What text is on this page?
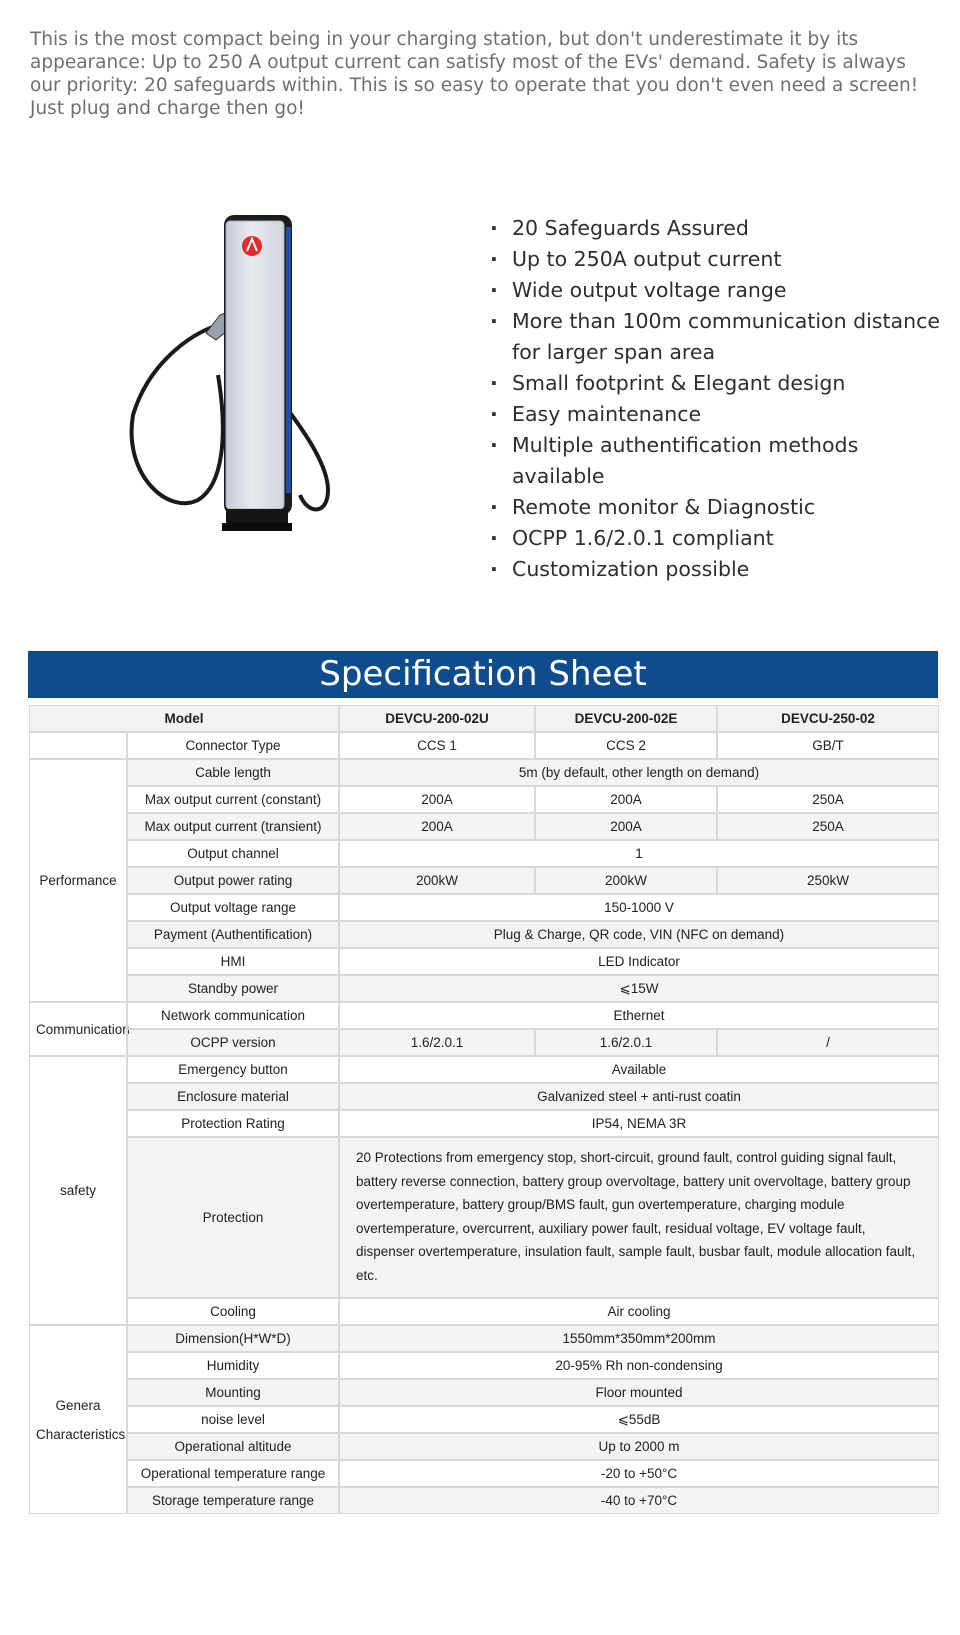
This is the most compact being in your charging station, but don't underestimate it by its appearance: Up to 250 A output current can satisfy most of the EVs' demand. Safety is always our priority: 20 safeguards within. This is so easy to operate that you don't even need a screen! Just plug and charge then go!

· 20 Safeguards Assured
· Up to 250A output current
· Wide output voltage range
· More than 100m communication distance for larger span area
· Small footprint & Elegant design
· Easy maintenance
· Multiple authentification methods available
· Remote monitor & Diagnostic
· OCPP 1.6/2.0.1 compliant
· Customization possible
Specification Sheet
Model		DEVCU-200-02U	DEVCU-200-02E	DEVCU-250-02
	Connector Type	CCS 1	CCS 2	GB/T
Performance	Cable length	5m (by default, other length on demand)		
	Max output current (constant)	200A	200A	250A
	Max output current (transient)	200A	200A	250A
	Output channel	1		
	Output power rating	200kW	200kW	250kW
	Output voltage range	150-1000 V		
	Payment (Authentification)	Plug & Charge, QR code, VIN (NFC on demand)		
	HMI	LED Indicator		
	Standby power	⩽15W		
Communication	Network communication	Ethernet		
	OCPP version	1.6/2.0.1	1.6/2.0.1	/
safety	Emergency button	Available		
	Enclosure material	Galvanized steel + anti-rust coatin		
	Protection Rating	IP54, NEMA 3R		
	Protection	20 Protections from emergency stop, short-circuit, ground fault, control guiding signal fault, battery reverse connection, battery group overvoltage, battery unit overvoltage, battery group overtemperature, battery group/BMS fault, gun overtemperature, charging module overtemperature, overcurrent, auxiliary power fault, residual voltage, EV voltage fault, dispenser overtemperature, insulation fault, sample fault, busbar fault, module allocation fault, etc.		
	Cooling	Air cooling		
Genera
Characteristics	Dimension(H*W*D)	1550mm*350mm*200mm		
	Humidity	20-95% Rh non-condensing		
	Mounting	Floor mounted		
	noise level	⩽55dB		
	Operational altitude	Up to 2000 m		
	Operational temperature range	-20 to +50°C		
	Storage temperature range	-40 to +70°C		
